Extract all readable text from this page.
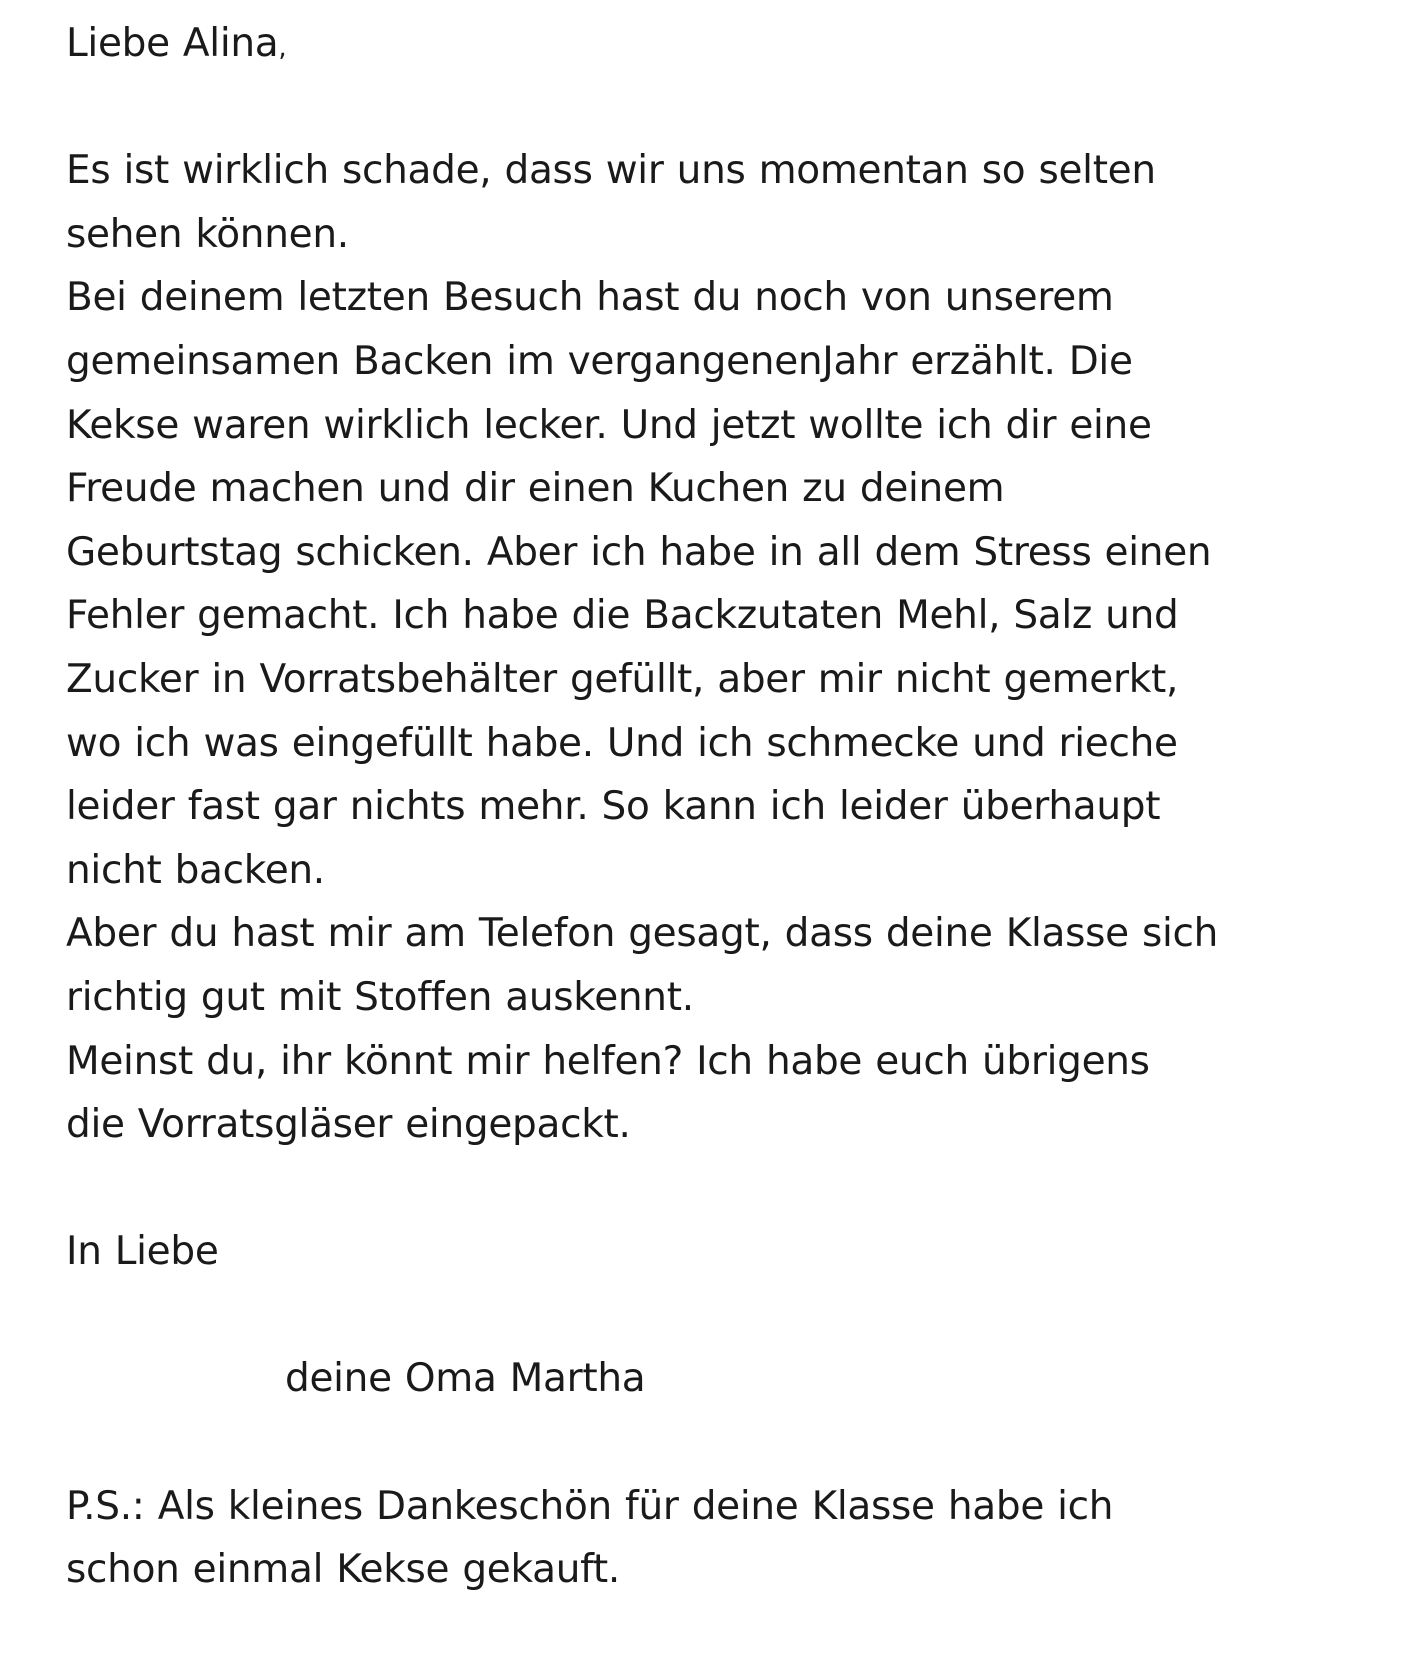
Liebe Alina,
Es ist wirklich schade, dass wir uns momentan so selten
sehen können.
Bei deinem letzten Besuch hast du noch von unserem
gemeinsamen Backen im vergangenenJahr erzählt. Die
Kekse waren wirklich lecker. Und jetzt wollte ich dir eine
Freude machen und dir einen Kuchen zu deinem
Geburtstag schicken. Aber ich habe in all dem Stress einen
Fehler gemacht. Ich habe die Backzutaten Mehl, Salz und
Zucker in Vorratsbehälter gefüllt, aber mir nicht gemerkt,
wo ich was eingefüllt habe. Und ich schmecke und rieche
leider fast gar nichts mehr. So kann ich leider überhaupt
nicht backen.
Aber du hast mir am Telefon gesagt, dass deine Klasse sich
richtig gut mit Stoffen auskennt.
Meinst du, ihr könnt mir helfen? Ich habe euch übrigens
die Vorratsgläser eingepackt.
In Liebe
deine Oma Martha
P.S.: Als kleines Dankeschön für deine Klasse habe ich
schon einmal Kekse gekauft.
